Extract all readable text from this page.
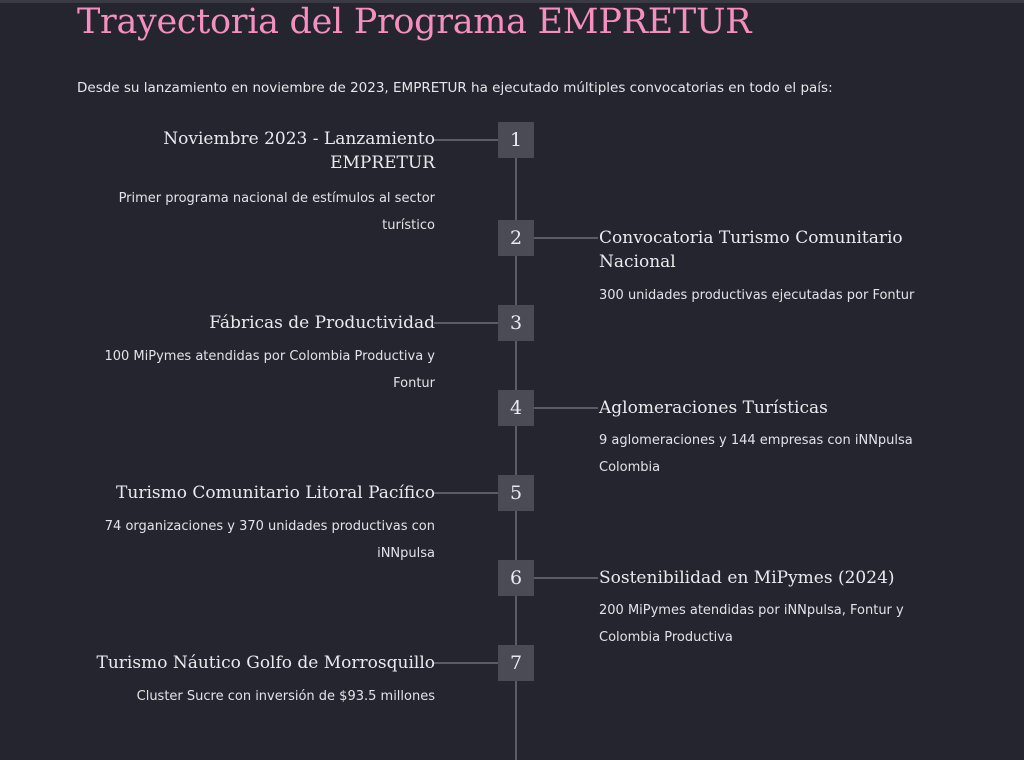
Trayectoria del Programa EMPRETUR

Desde su lanzamiento en noviembre de 2023, EMPRETUR ha ejecutado múltiples convocatorias en todo el país:

1
Noviembre 2023 - Lanzamiento EMPRETUR

Primer programa nacional de estímulos al sector turístico

2	Convocatoria Turismo Comunitario Nacional

300 unidades productivas ejecutadas por Fontur

3
Fábricas de Productividad

100 MiPymes atendidas por Colombia Productiva y Fontur

4	Aglomeraciones Turísticas

9 aglomeraciones y 144 empresas con iNNpulsa Colombia

5
Turismo Comunitario Litoral Pacífico

74 organizaciones y 370 unidades productivas con iNNpulsa

6	Sostenibilidad en MiPymes (2024)

200 MiPymes atendidas por iNNpulsa, Fontur y Colombia Productiva

7
Turismo Náutico Golfo de Morrosquillo

Cluster Sucre con inversión de $93.5 millones
